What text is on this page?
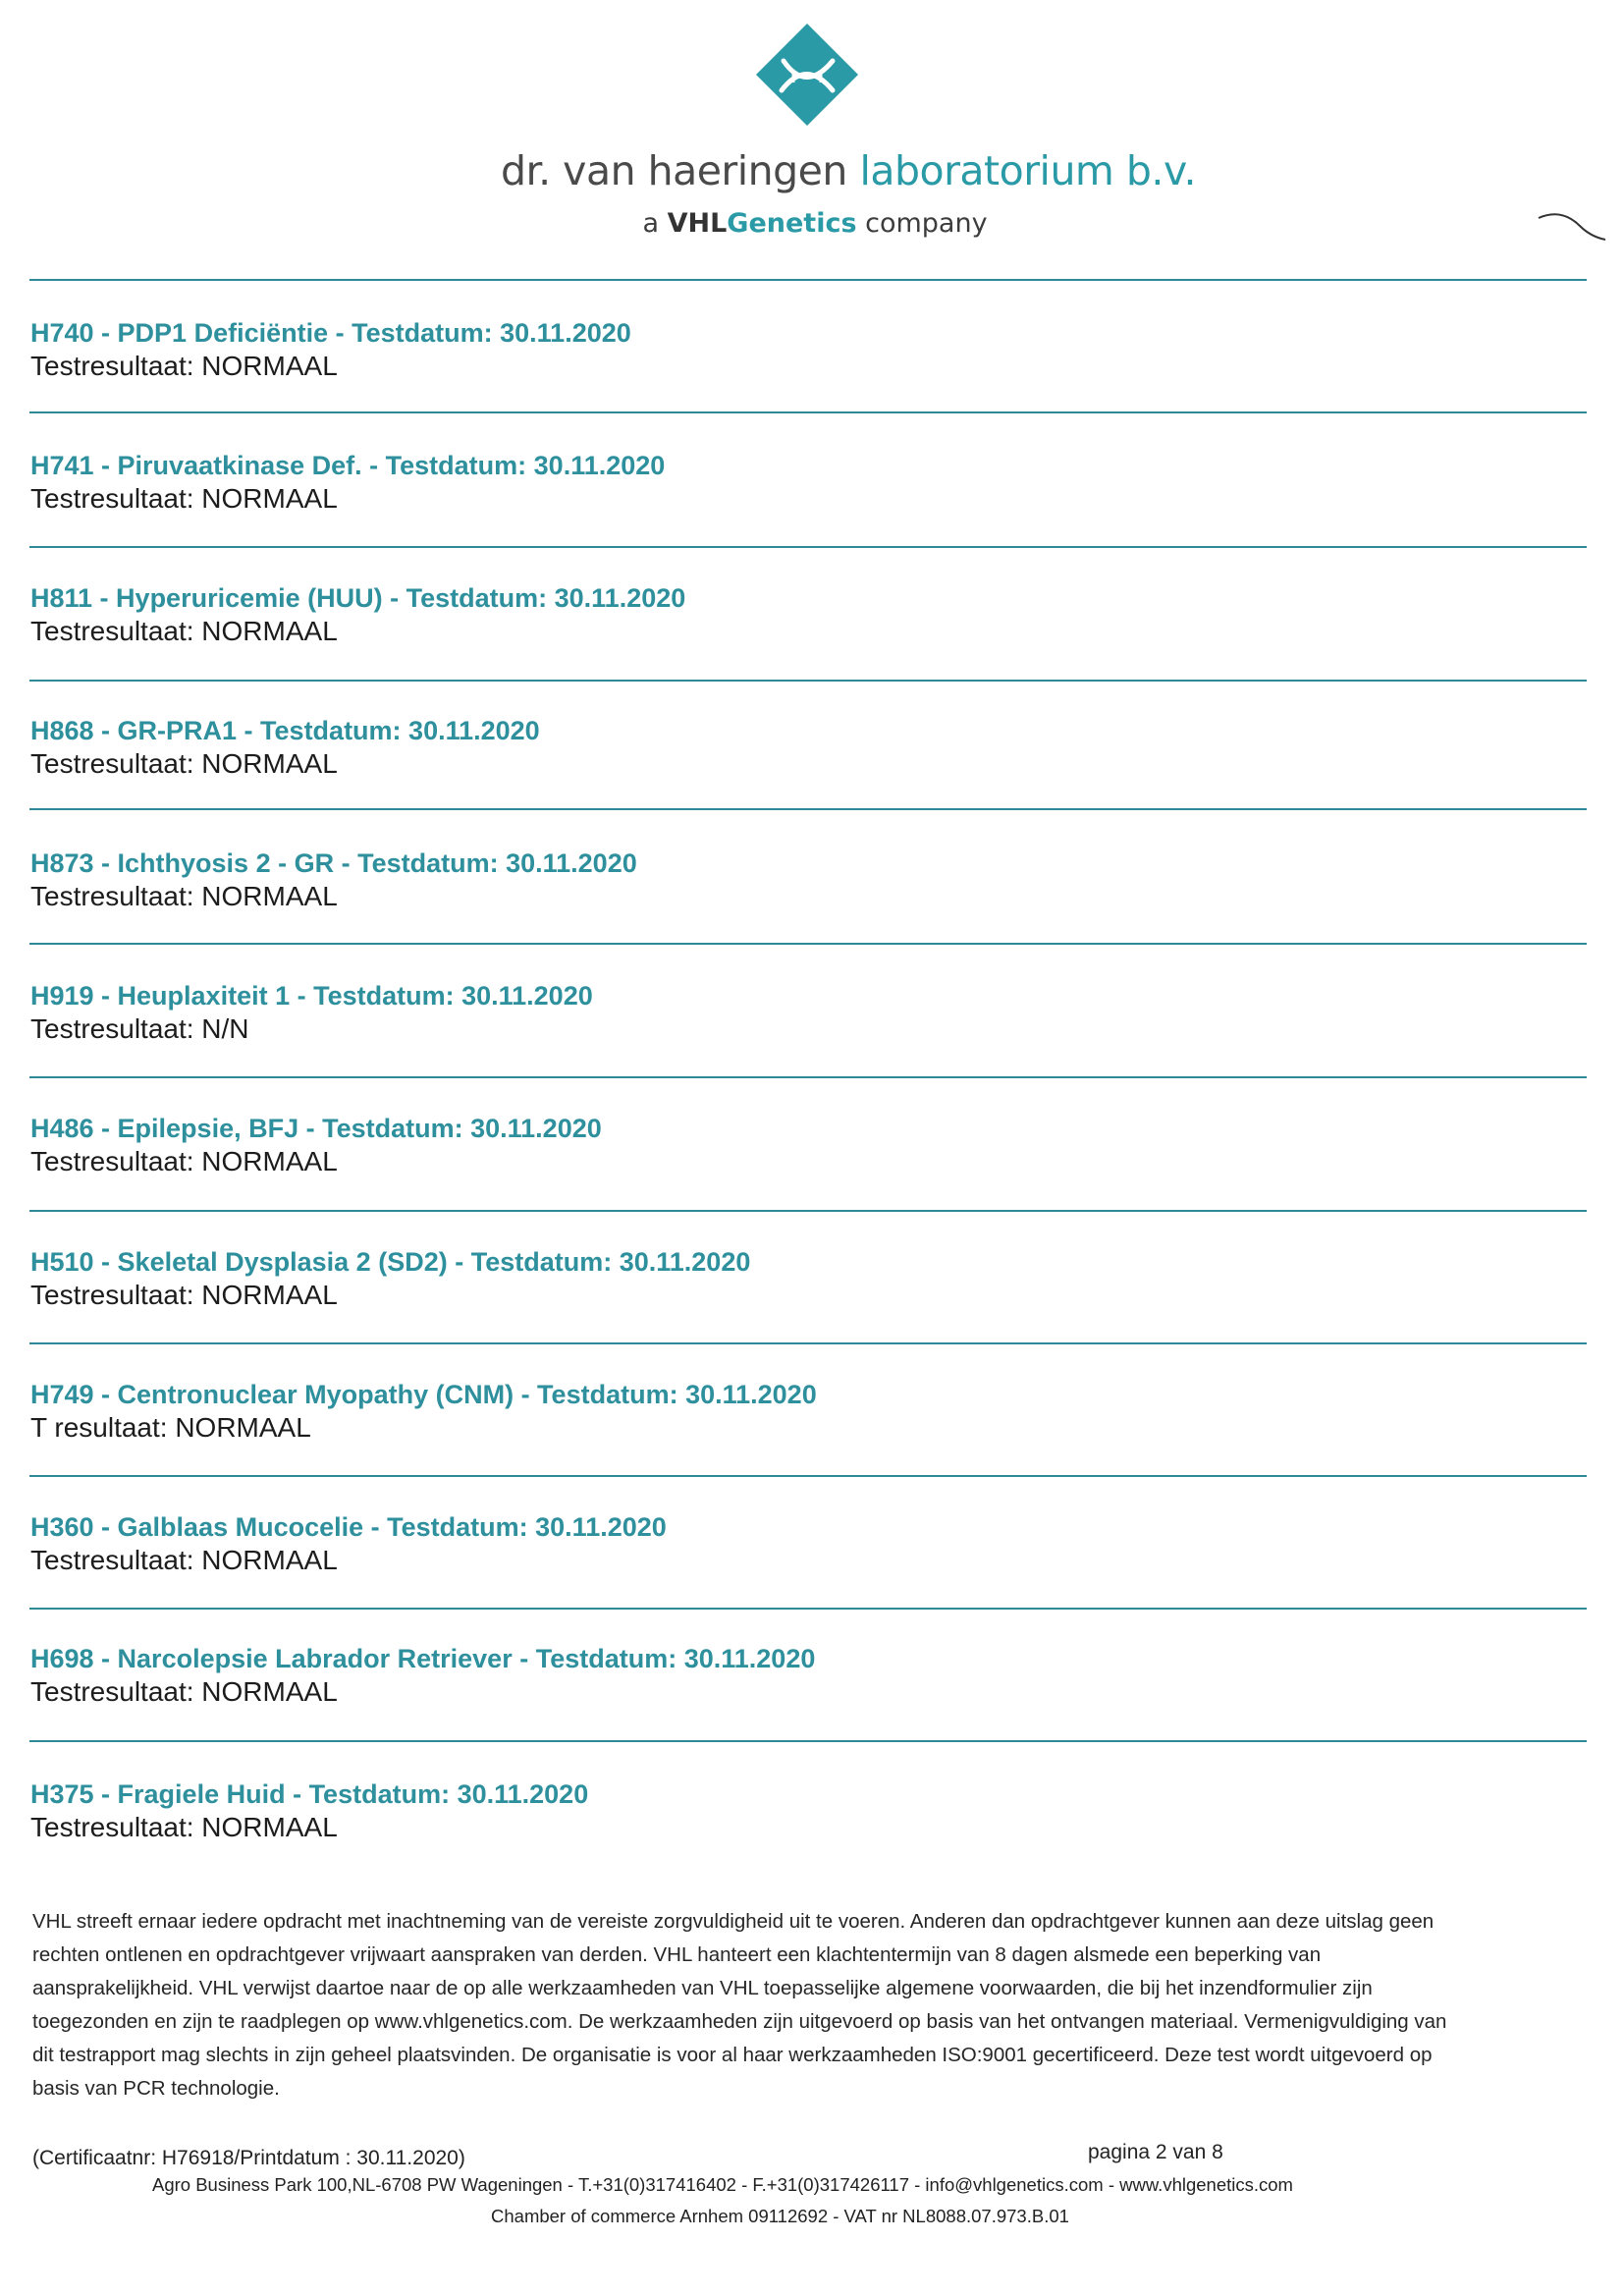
dr. van haeringen laboratorium b.v.
a VHLGenetics company
H740 - PDP1 Deficiëntie - Testdatum: 30.11.2020
Testresultaat: NORMAAL
H741 - Piruvaatkinase Def. - Testdatum: 30.11.2020
Testresultaat: NORMAAL
H811 - Hyperuricemie (HUU) - Testdatum: 30.11.2020
Testresultaat: NORMAAL
H868 - GR-PRA1 - Testdatum: 30.11.2020
Testresultaat: NORMAAL
H873 - Ichthyosis 2 - GR - Testdatum: 30.11.2020
Testresultaat: NORMAAL
H919 - Heuplaxiteit 1 - Testdatum: 30.11.2020
Testresultaat: N/N
H486 - Epilepsie, BFJ - Testdatum: 30.11.2020
Testresultaat: NORMAAL
H510 - Skeletal Dysplasia 2 (SD2) - Testdatum: 30.11.2020
Testresultaat: NORMAAL
H749 - Centronuclear Myopathy (CNM) - Testdatum: 30.11.2020
T resultaat: NORMAAL
H360 - Galblaas Mucocelie - Testdatum: 30.11.2020
Testresultaat: NORMAAL
H698 - Narcolepsie Labrador Retriever - Testdatum: 30.11.2020
Testresultaat: NORMAAL
H375 - Fragiele Huid - Testdatum: 30.11.2020
Testresultaat: NORMAAL
VHL streeft ernaar iedere opdracht met inachtneming van de vereiste zorgvuldigheid uit te voeren. Anderen dan opdrachtgever kunnen aan deze uitslag geen rechten ontlenen en opdrachtgever vrijwaart aanspraken van derden. VHL hanteert een klachtentermijn van 8 dagen alsmede een beperking van aansprakelijkheid. VHL verwijst daartoe naar de op alle werkzaamheden van VHL toepasselijke algemene voorwaarden, die bij het inzendformulier zijn toegezonden en zijn te raadplegen op www.vhlgenetics.com. De werkzaamheden zijn uitgevoerd op basis van het ontvangen materiaal. Vermenigvuldiging van dit testrapport mag slechts in zijn geheel plaatsvinden. De organisatie is voor al haar werkzaamheden ISO:9001 gecertificeerd. Deze test wordt uitgevoerd op basis van PCR technologie.
(Certificaatnr: H76918/Printdatum : 30.11.2020)	pagina 2 van 8
Agro Business Park 100,NL-6708 PW Wageningen - T.+31(0)317416402 - F.+31(0)317426117 - info@vhlgenetics.com - www.vhlgenetics.com
Chamber of commerce Arnhem 09112692 - VAT nr NL8088.07.973.B.01
